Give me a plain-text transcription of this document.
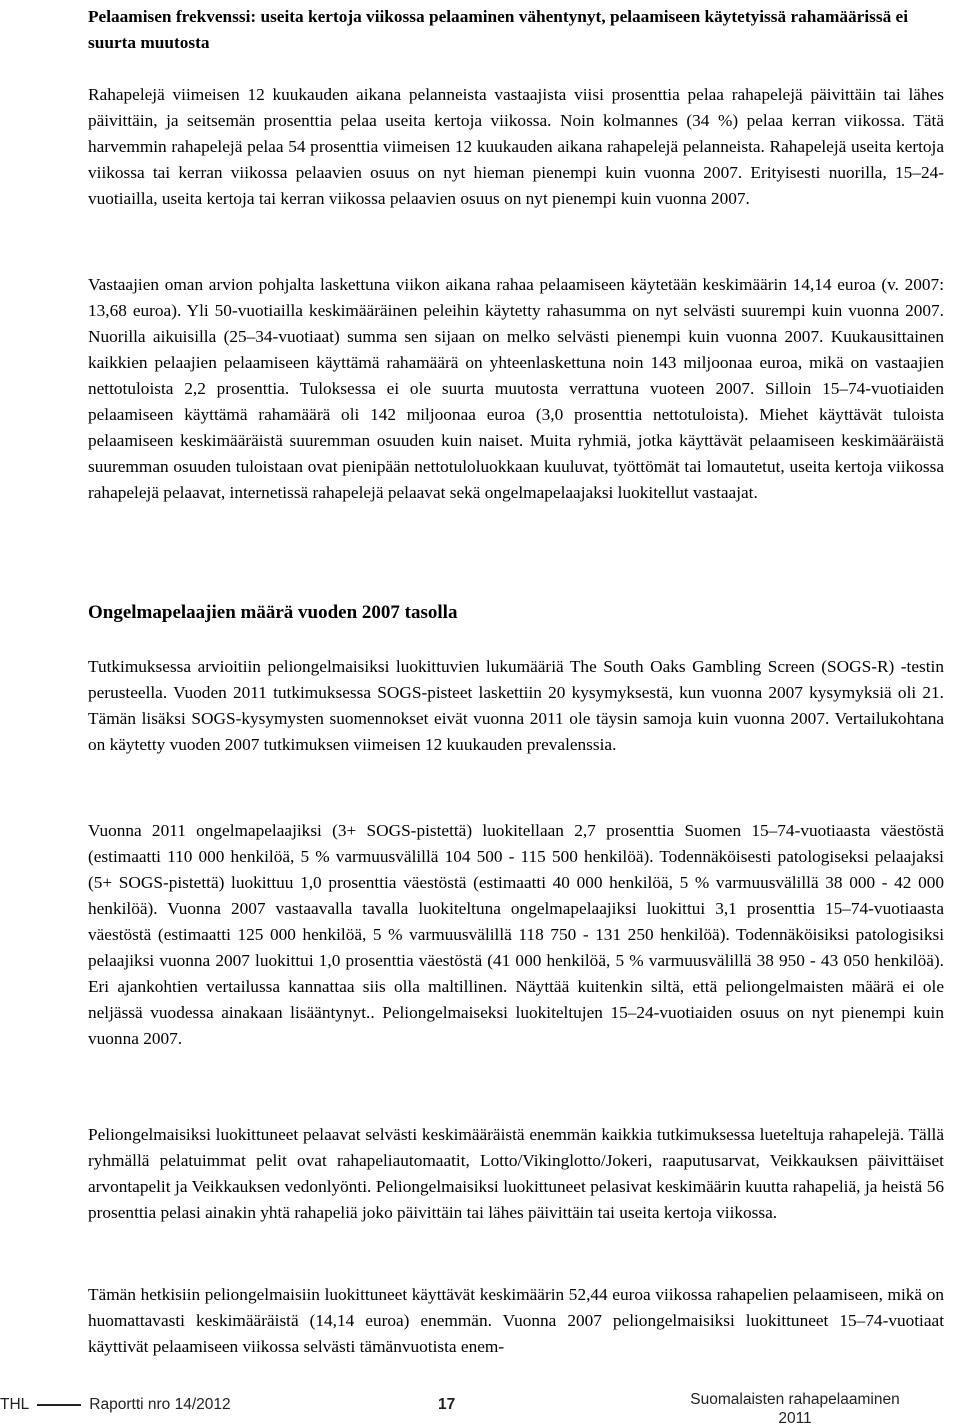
Pelaamisen frekvenssi: useita kertoja viikossa pelaaminen vähentynyt, pelaamiseen käytetyissä rahamäärissä ei suurta muutosta

Rahapelejä viimeisen 12 kuukauden aikana pelanneista vastaajista viisi prosenttia pelaa rahapelejä päivittäin tai lähes päivittäin, ja seitsemän prosenttia pelaa useita kertoja viikossa. Noin kolmannes (34 %) pelaa kerran viikossa. Tätä harvemmin rahapelejä pelaa 54 prosenttia viimeisen 12 kuukauden aikana rahapelejä pelanneista. Rahapelejä useita kertoja viikossa tai kerran viikossa pelaavien osuus on nyt hieman pienempi kuin vuonna 2007. Erityisesti nuorilla, 15–24-vuotiailla, useita kertoja tai kerran viikossa pelaavien osuus on nyt pienempi kuin vuonna 2007.

Vastaajien oman arvion pohjalta laskettuna viikon aikana rahaa pelaamiseen käytetään keskimäärin 14,14 euroa (v. 2007: 13,68 euroa). Yli 50-vuotiailla keskimääräinen peleihin käytetty rahasumma on nyt selvästi suurempi kuin vuonna 2007. Nuorilla aikuisilla (25–34-vuotiaat) summa sen sijaan on melko selvästi pienempi kuin vuonna 2007. Kuukausittainen kaikkien pelaajien pelaamiseen käyttämä rahamäärä on yhteenlaskettuna noin 143 miljoonaa euroa, mikä on vastaajien nettotuloista 2,2 prosenttia. Tuloksessa ei ole suurta muutosta verrattuna vuoteen 2007. Silloin 15–74-vuotiaiden pelaamiseen käyttämä rahamäärä oli 142 miljoonaa euroa (3,0 prosenttia nettotuloista). Miehet käyttävät tuloista pelaamiseen keskimääräistä suuremman osuuden kuin naiset. Muita ryhmiä, jotka käyttävät pelaamiseen keskimääräistä suuremman osuuden tuloistaan ovat pienipään nettotuloluokkaan kuuluvat, työttömät tai lomautetut, useita kertoja viikossa rahapelejä pelaavat, internetissä rahapelejä pelaavat sekä ongelmapelaajaksi luokitellut vastaajat.

Ongelmapelaajien määrä vuoden 2007 tasolla

Tutkimuksessa arvioitiin peliongelmaisiksi luokittuvien lukumääriä The South Oaks Gambling Screen (SOGS-R) -testin perusteella. Vuoden 2011 tutkimuksessa SOGS-pisteet laskettiin 20 kysymyksestä, kun vuonna 2007 kysymyksiä oli 21. Tämän lisäksi SOGS-kysymysten suomennokset eivät vuonna 2011 ole täysin samoja kuin vuonna 2007. Vertailukohtana on käytetty vuoden 2007 tutkimuksen viimeisen 12 kuukauden prevalenssia.

Vuonna 2011 ongelmapelaajiksi (3+ SOGS-pistettä) luokitellaan 2,7 prosenttia Suomen 15–74-vuotiaasta väestöstä (estimaatti 110 000 henkilöä, 5 % varmuusvälillä 104 500 - 115 500 henkilöä). Todennäköisesti patologiseksi pelaajaksi (5+ SOGS-pistettä) luokittuu 1,0 prosenttia väestöstä (estimaatti 40 000 henkilöä, 5 % varmuusvälillä 38 000 - 42 000 henkilöä). Vuonna 2007 vastaavalla tavalla luokiteltuna ongelmapelaajiksi luokittui 3,1 prosenttia 15–74-vuotiaasta väestöstä (estimaatti 125 000 henkilöä, 5 % varmuusvälillä 118 750 - 131 250 henkilöä). Todennäköisiksi patologisiksi pelaajiksi vuonna 2007 luokittui 1,0 prosenttia väestöstä (41 000 henkilöä, 5 % varmuusvälillä 38 950 - 43 050 henkilöä). Eri ajankohtien vertailussa kannattaa siis olla maltillinen. Näyttää kuitenkin siltä, että peliongelmaisten määrä ei ole neljässä vuodessa ainakaan lisääntynyt.. Peliongelmaiseksi luokiteltujen 15–24-vuotiaiden osuus on nyt pienempi kuin vuonna 2007.

Peliongelmaisiksi luokittuneet pelaavat selvästi keskimääräistä enemmän kaikkia tutkimuksessa lueteltuja rahapelejä. Tällä ryhmällä pelatuimmat pelit ovat rahapeliautomaatit, Lotto/Vikinglotto/Jokeri, raaputusarvat, Veikkauksen päivittäiset arvontapelit ja Veikkauksen vedonlyönti. Peliongelmaisiksi luokittuneet pelasivat keskimäärin kuutta rahapeliä, ja heistä 56 prosenttia pelasi ainakin yhtä rahapeliä joko päivittäin tai lähes päivittäin tai useita kertoja viikossa.

Tämän hetkisiin peliongelmaisiin luokittuneet käyttävät keskimäärin 52,44 euroa viikossa rahapelien pelaamiseen, mikä on huomattavasti keskimääräistä (14,14 euroa) enemmän. Vuonna 2007 peliongelmaisiksi luokittuneet 15–74-vuotiaat käyttivät pelaamiseen viikossa selvästi tämänvuotista enem-

THL	Raportti nro 14/2012	17	Suomalaisten rahapelaaminen
2011
